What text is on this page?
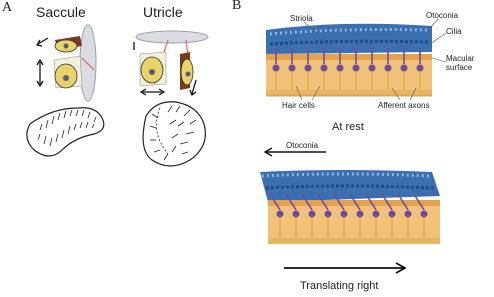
A	B
Saccule	Utricle	Striola	Otoconia
Cilia
Macular surface
Hair cells	Afferent axons
At rest
Otoconia
Translating right
